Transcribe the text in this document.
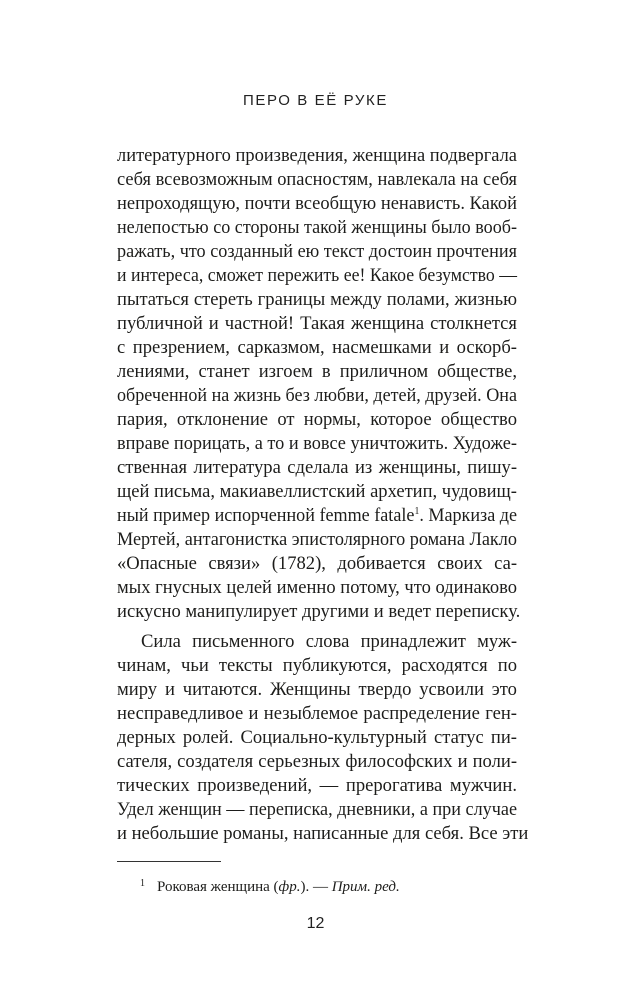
ПЕРО В ЕЁ РУКЕ
литературного произведения, женщина подвергала
себя всевозможным опасностям, навлекала на себя
непроходящую, почти всеобщую ненависть. Какой
нелепостью со стороны такой женщины было вооб-
ражать, что созданный ею текст достоин прочтения
и интереса, сможет пережить ее! Какое безумство —
пытаться стереть границы между полами, жизнью
публичной и частной! Такая женщина столкнется
с презрением, сарказмом, насмешками и оскорб-
лениями, станет изгоем в приличном обществе,
обреченной на жизнь без любви, детей, друзей. Она
пария, отклонение от нормы, которое общество
вправе порицать, а то и вовсе уничтожить. Художе-
ственная литература сделала из женщины, пишу-
щей письма, макиавеллистский архетип, чудовищ-
ный пример испорченной femme fatale$^1$. Маркиза де
Мертей, антагонистка эпистолярного романа Лакло
«Опасные связи» (1782), добивается своих са-
мых гнусных целей именно потому, что одинаково
искусно манипулирует другими и ведет переписку.
Сила письменного слова принадлежит муж-
чинам, чьи тексты публикуются, расходятся по
миру и читаются. Женщины твердо усвоили это
несправедливое и незыблемое распределение ген-
дерных ролей. Социально-культурный статус пи-
сателя, создателя серьезных философских и поли-
тических произведений, — прерогатива мужчин.
Удел женщин — переписка, дневники, а при случае
и небольшие романы, написанные для себя. Все эти
$^1$ Роковая женщина (фр.). — Прим. ред.
12
